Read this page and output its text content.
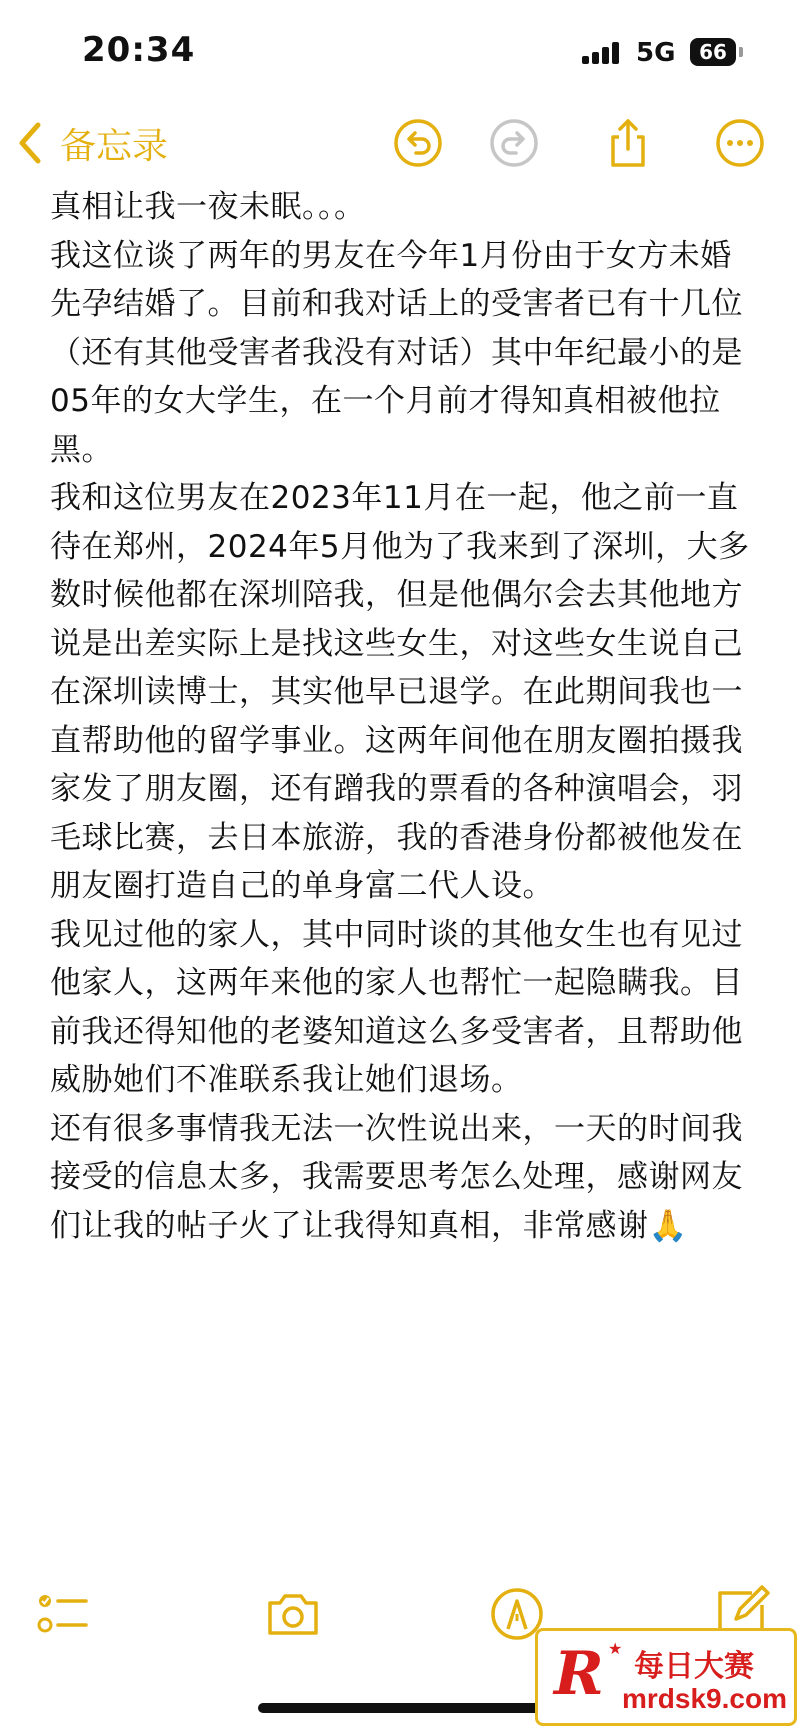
20:34	5G	66
备忘录

真相让我一夜未眠。。。

我这位谈了两年的男友在今年1月份由于女方未婚先孕结婚了。目前和我对话上的受害者已有十几位（还有其他受害者我没有对话）其中年纪最小的是05年的女大学生，在一个月前才得知真相被他拉黑。

我和这位男友在2023年11月在一起，他之前一直待在郑州，2024年5月他为了我来到了深圳，大多数时候他都在深圳陪我，但是他偶尔会去其他地方说是出差实际上是找这些女生，对这些女生说自己在深圳读博士，其实他早已退学。在此期间我也一直帮助他的留学事业。这两年间他在朋友圈拍摄我家发了朋友圈，还有蹭我的票看的各种演唱会，羽毛球比赛，去日本旅游，我的香港身份都被他发在朋友圈打造自己的单身富二代人设。

我见过他的家人，其中同时谈的其他女生也有见过他家人，这两年来他的家人也帮忙一起隐瞒我。目前我还得知他的老婆知道这么多受害者，且帮助他威胁她们不准联系我让她们退场。

还有很多事情我无法一次性说出来，一天的时间我接受的信息太多，我需要思考怎么处理，感谢网友们让我的帖子火了让我得知真相，非常感谢🙏

R ★
每日大赛
mrdsk9.com
